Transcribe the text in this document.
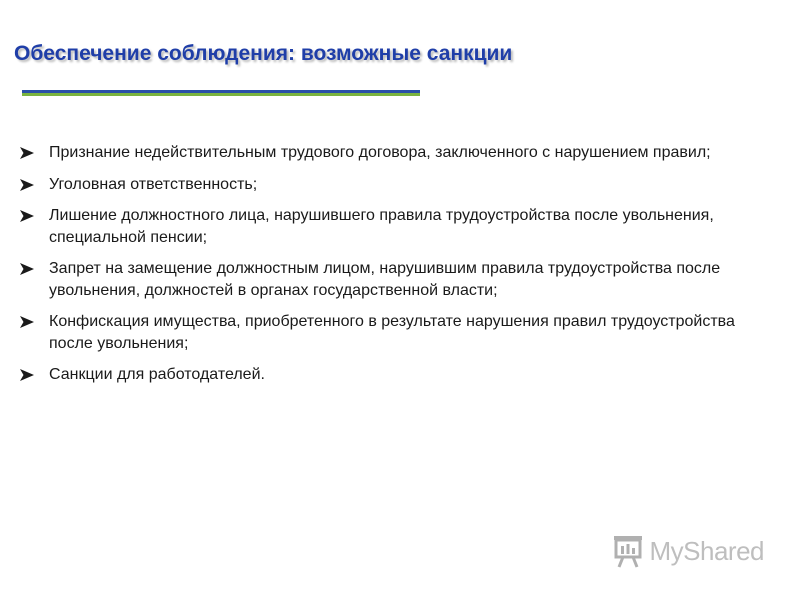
Обеспечение соблюдения: возможные санкции
Признание недействительным трудового договора, заключенного с нарушением правил;
Уголовная ответственность;
Лишение должностного лица, нарушившего правила трудоустройства после увольнения, специальной пенсии;
Запрет на замещение должностным лицом, нарушившим правила трудоустройства после увольнения, должностей в органах государственной власти;
Конфискация имущества, приобретенного в результате нарушения правил трудоустройства после увольнения;
Санкции для работодателей.
MyShared
